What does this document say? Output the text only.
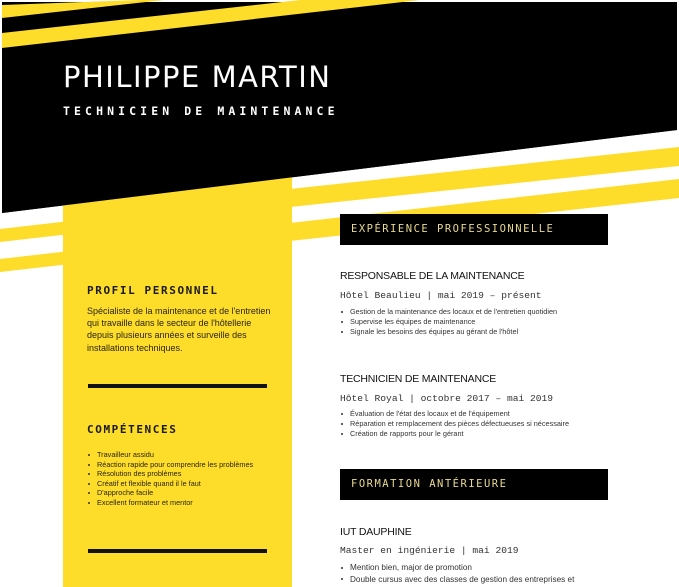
PHILIPPE MARTIN
TECHNICIEN DE MAINTENANCE
PROFIL PERSONNEL
Spécialiste de la maintenance et de l'entretien qui travaille dans le secteur de l'hôtellerie depuis plusieurs années et surveille des installations techniques.
COMPÉTENCES
Travailleur assidu
Réaction rapide pour comprendre les problèmes
Résolution des problèmes
Créatif et flexible quand il le faut
D'approche facile
Excellent formateur et mentor
EXPÉRIENCE PROFESSIONNELLE
RESPONSABLE DE LA MAINTENANCE
Hôtel Beaulieu | mai 2019 – présent
Gestion de la maintenance des locaux et de l'entretien quotidien
Supervise les équipes de maintenance
Signale les besoins des équipes au gérant de l'hôtel
TECHNICIEN DE MAINTENANCE
Hôtel Royal | octobre 2017 – mai 2019
Évaluation de l'état des locaux et de l'équipement
Réparation et remplacement des pièces défectueuses si nécessaire
Création de rapports pour le gérant
FORMATION ANTÉRIEURE
IUT DAUPHINE
Master en ingénierie | mai 2019
Mention bien, major de promotion
Double cursus avec des classes de gestion des entreprises et
